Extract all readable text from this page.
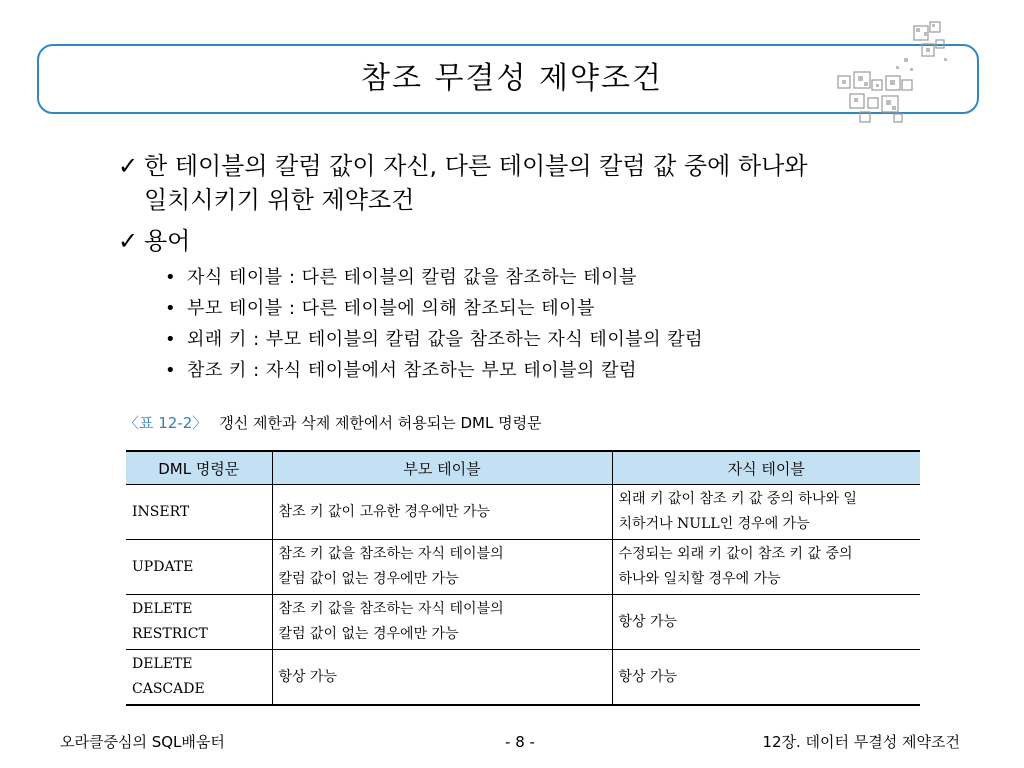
참조 무결성 제약조건
✓ 한 테이블의 칼럼 값이 자신, 다른 테이블의 칼럼 값 중에 하나와
일치시키기 위한 제약조건
✓ 용어
• 자식 테이블 : 다른 테이블의 칼럼 값을 참조하는 테이블
• 부모 테이블 : 다른 테이블에 의해 참조되는 테이블
• 외래 키 : 부모 테이블의 칼럼 값을 참조하는 자식 테이블의 칼럼
• 참조 키 : 자식 테이블에서 참조하는 부모 테이블의 칼럼
〈표 12-2〉 갱신 제한과 삭제 제한에서 허용되는 DML 명령문
DML 명령문	부모 테이블	자식 테이블
INSERT	참조 키 값이 고유한 경우에만 가능	외래 키 값이 참조 키 값 중의 하나와 일
치하거나 NULL인 경우에 가능
UPDATE	참조 키 값을 참조하는 자식 테이블의
칼럼 값이 없는 경우에만 가능	수정되는 외래 키 값이 참조 키 값 중의
하나와 일치할 경우에 가능
DELETE
RESTRICT	참조 키 값을 참조하는 자식 테이블의
칼럼 값이 없는 경우에만 가능	항상 가능
DELETE
CASCADE	항상 가능	항상 가능
오라클중심의 SQL배움터	- 8 -	12장. 데이터 무결성 제약조건
